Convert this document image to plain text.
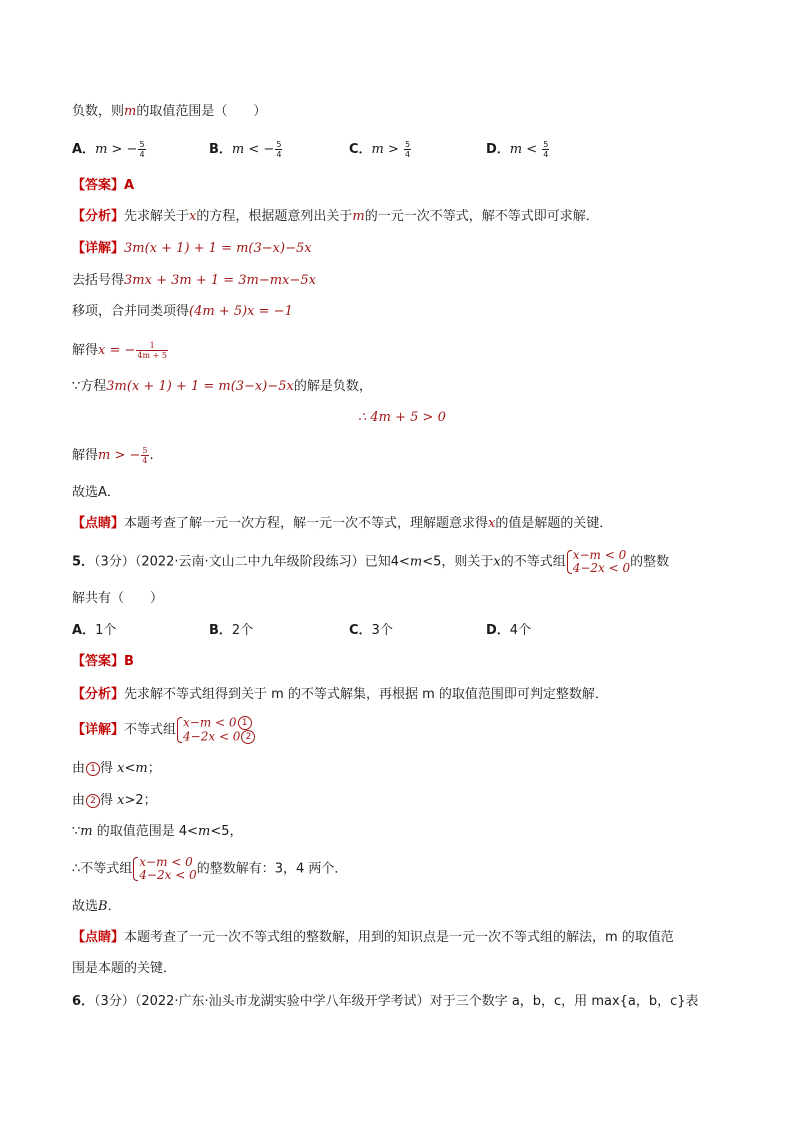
负数，则m的取值范围是（　　）
A．m > − $\frac{5}{4}$	B．m < − $\frac{5}{4}$	C．$m > \frac{5}{4}$	D．$m < \frac{5}{4}$
【答案】A
【分析】先求解关于x的方程，根据题意列出关于m的一元一次不等式，解不等式即可求解．
【详解】3m(x + 1) + 1 = m(3−x)−5x
去括号得3mx + 3m + 1 = 3m−mx−5x
移项，合并同类项得(4m + 5)x = −1
解得x = − $\frac{1}{4m + 5}$
∵方程3m(x + 1) + 1 = m(3−x)−5x的解是负数，
∴ 4m + 5 > 0
解得m > − $\frac{5}{4}$ .
故选A．
【点睛】本题考查了解一元一次方程，解一元一次不等式，理解题意求得x的值是解题的关键．
5．（3分）（2022·云南·文山二中九年级阶段练习）已知4<m<5，则关于x的不等式组 x−m < 0
4−2x < 0 的整数
解共有（　　）
A．1个	B．2个	C．3个	D．4个
【答案】B
【分析】先求解不等式组得到关于 m 的不等式解集，再根据 m 的取值范围即可判定整数解．
【详解】不等式组 x−m < 0 1
4−2x < 0 2
由 1 得 x<m；
由 2 得 x>2；
∵m 的取值范围是 4<m<5，
∴不等式组 x−m < 0
4−2x < 0 的整数解有：3，4 两个．
故选B．
【点睛】本题考查了一元一次不等式组的整数解，用到的知识点是一元一次不等式组的解法，m 的取值范
围是本题的关键．
6．（3分）（2022·广东·汕头市龙湖实验中学八年级开学考试）对于三个数字 a，b，c，用 max{a，b，c}表
